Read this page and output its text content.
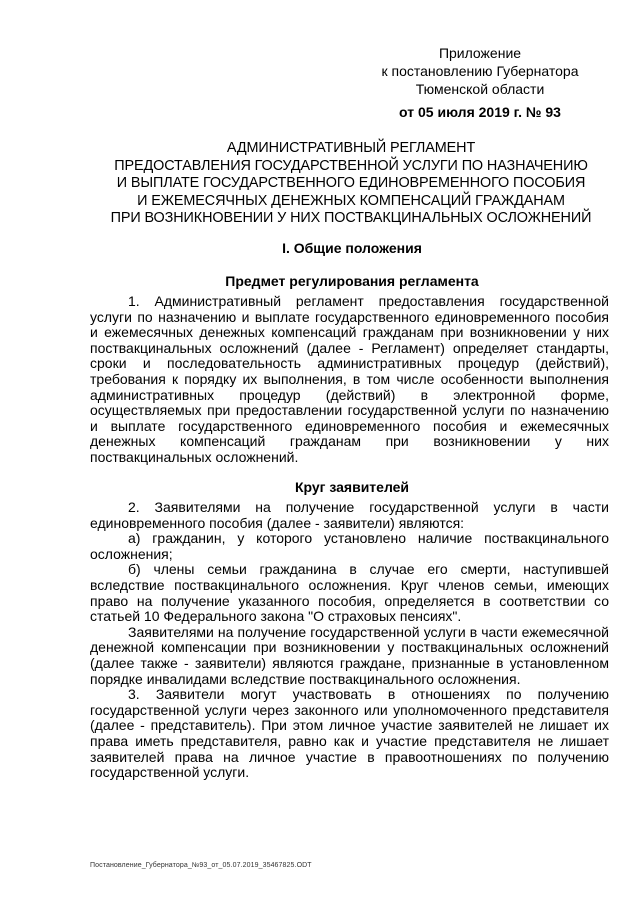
Приложение
к постановлению Губернатора
Тюменской области
от 05 июля 2019 г. № 93
АДМИНИСТРАТИВНЫЙ РЕГЛАМЕНТ
ПРЕДОСТАВЛЕНИЯ ГОСУДАРСТВЕННОЙ УСЛУГИ ПО НАЗНАЧЕНИЮ
И ВЫПЛАТЕ ГОСУДАРСТВЕННОГО ЕДИНОВРЕМЕННОГО ПОСОБИЯ
И ЕЖЕМЕСЯЧНЫХ ДЕНЕЖНЫХ КОМПЕНСАЦИЙ ГРАЖДАНАМ
ПРИ ВОЗНИКНОВЕНИИ У НИХ ПОСТВАКЦИНАЛЬНЫХ ОСЛОЖНЕНИЙ
I. Общие положения
Предмет регулирования регламента
1. Административный регламент предоставления государственной услуги по назначению и выплате государственного единовременного пособия и ежемесячных денежных компенсаций гражданам при возникновении у них поствакцинальных осложнений (далее - Регламент) определяет стандарты, сроки и последовательность административных процедур (действий), требования к порядку их выполнения, в том числе особенности выполнения административных процедур (действий) в электронной форме, осуществляемых при предоставлении государственной услуги по назначению и выплате государственного единовременного пособия и ежемесячных денежных компенсаций гражданам при возникновении у них поствакцинальных осложнений.
Круг заявителей

2. Заявителями на получение государственной услуги в части единовременного пособия (далее - заявители) являются:

а) гражданин, у которого установлено наличие поствакцинального осложнения;

б) члены семьи гражданина в случае его смерти, наступившей вследствие поствакцинального осложнения. Круг членов семьи, имеющих право на получение указанного пособия, определяется в соответствии со статьей 10 Федерального закона "О страховых пенсиях".

Заявителями на получение государственной услуги в части ежемесячной денежной компенсации при возникновении у поствакцинальных осложнений (далее также - заявители) являются граждане, признанные в установленном порядке инвалидами вследствие поствакцинального осложнения.

3. Заявители могут участвовать в отношениях по получению государственной услуги через законного или уполномоченного представителя (далее - представитель). При этом личное участие заявителей не лишает их права иметь представителя, равно как и участие представителя не лишает заявителей права на личное участие в правоотношениях по получению государственной услуги.

Постановление_Губернатора_№93_от_05.07.2019_35467825.ODT
